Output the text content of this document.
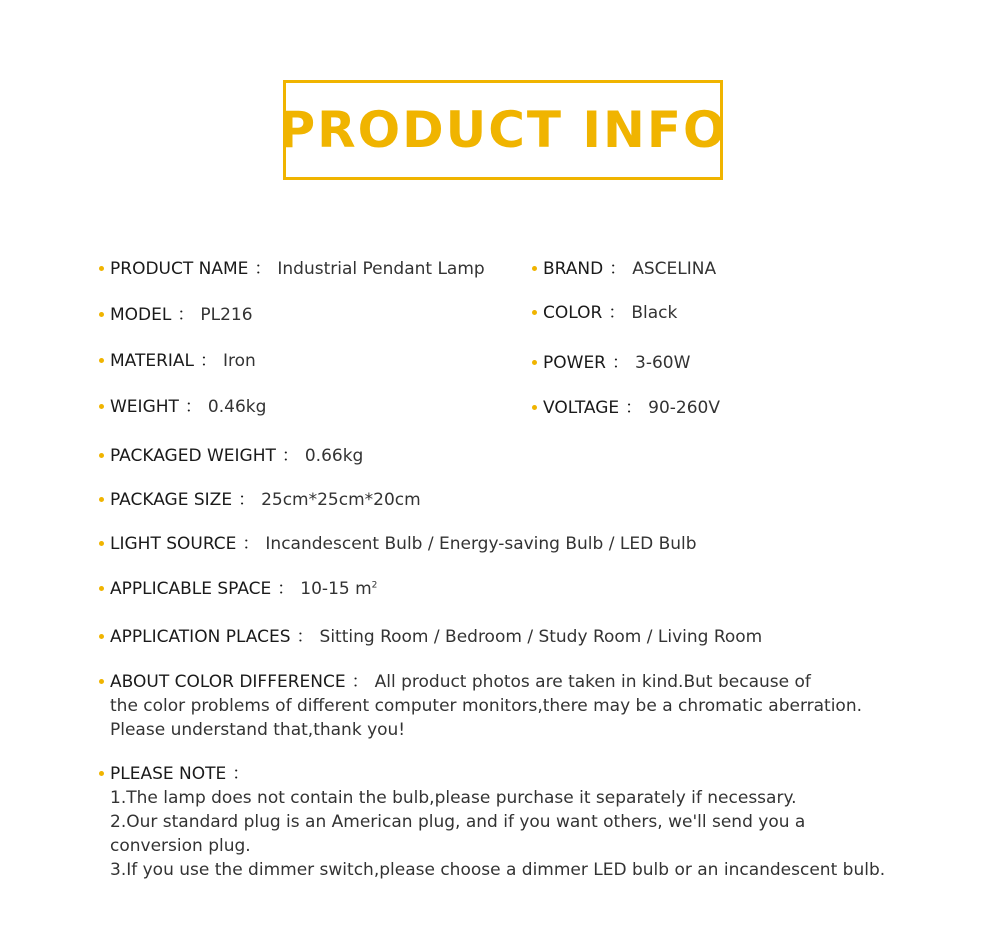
PRODUCT INFO
PRODUCT NAME ： Industrial Pendant Lamp	BRAND ： ASCELINA
MODEL ： PL216	COLOR ： Black
MATERIAL ： Iron	POWER ： 3-60W
WEIGHT ： 0.46kg	VOLTAGE ： 90-260V
PACKAGED WEIGHT ： 0.66kg
PACKAGE SIZE ： 25cm*25cm*20cm
LIGHT SOURCE ： Incandescent Bulb / Energy-saving Bulb / LED Bulb
APPLICABLE SPACE ： 10-15 $m^2$
APPLICATION PLACES ： Sitting Room / Bedroom / Study Room / Living Room
ABOUT COLOR DIFFERENCE ： All product photos are taken in kind.But because of
the color problems of different computer monitors,there may be a chromatic aberration.
Please understand that,thank you!
PLEASE NOTE ：
1.The lamp does not contain the bulb,please purchase it separately if necessary.
2.Our standard plug is an American plug, and if you want others, we'll send you a
conversion plug.
3.If you use the dimmer switch,please choose a dimmer LED bulb or an incandescent bulb.
